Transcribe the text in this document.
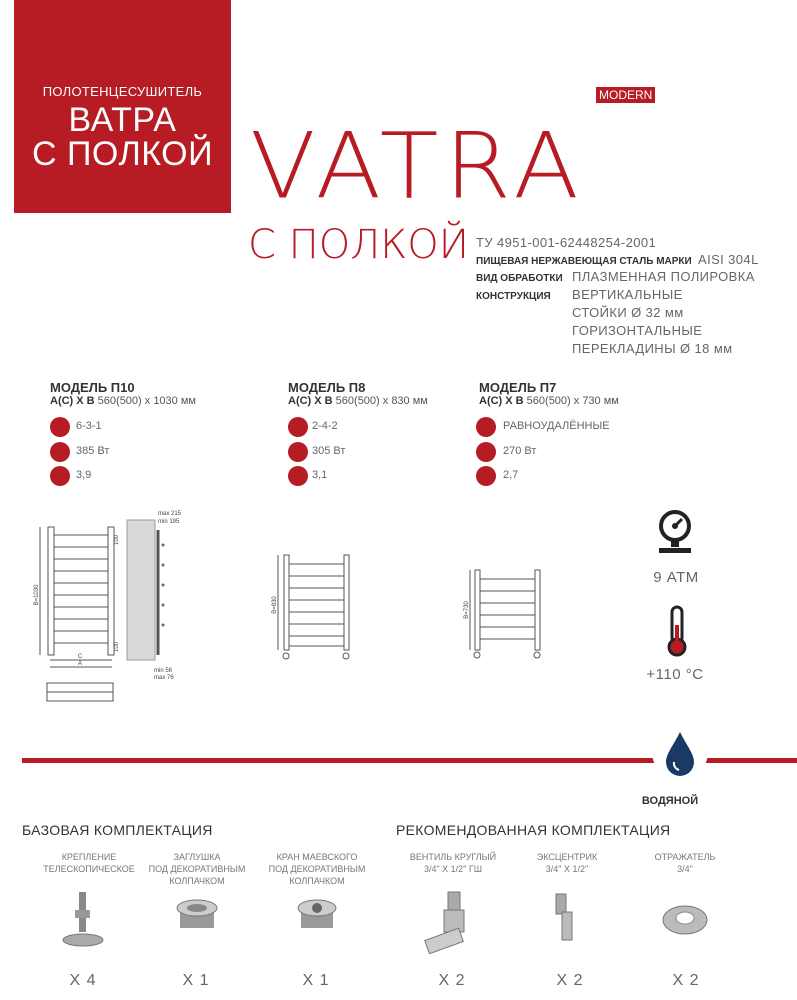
ПОЛОТЕНЦЕСУШИТЕЛЬ
ВАТРА
С ПОЛКОЙ
MODERN
VATRA
С ПОЛКОЙ ТУ 4951-001-62448254-2001
ПИЩЕВАЯ НЕРЖАВЕЮЩАЯ СТАЛЬ МАРКИ AISI 304L
ВИД ОБРАБОТКИ ПЛАЗМЕННАЯ ПОЛИРОВКА
КОНСТРУКЦИЯ ВЕРТИКАЛЬНЫЕ
СТОЙКИ Ø 32 мм
ГОРИЗОНТАЛЬНЫЕ
ПЕРЕКЛАДИНЫ Ø 18 мм
МОДЕЛЬ П10
А(С) Х В 560(500) х 1030 мм
6-3-1
385 Вт
3,9
МОДЕЛЬ П8
А(С) Х В 560(500) х 830 мм
2-4-2
305 Вт
3,1
МОДЕЛЬ П7
А(С) Х В 560(500) х 730 мм
РАВНОУДАЛЁННЫЕ
270 Вт
2,7
В=1030
100
100
С
А
max 215
min 195
min 56
max 76
В=830	В=730
9 АТМ
+110 °С
ВОДЯНОЙ
БАЗОВАЯ КОМПЛЕКТАЦИЯ	РЕКОМЕНДОВАННАЯ КОМПЛЕКТАЦИЯ
КРЕПЛЕНИЕ
ТЕЛЕСКОПИЧЕСКОЕ
Х 4
ЗАГЛУШКА
ПОД ДЕКОРАТИВНЫМ
КОЛПАЧКОМ
Х 1
КРАН МАЕВСКОГО
ПОД ДЕКОРАТИВНЫМ
КОЛПАЧКОМ
Х 1
ВЕНТИЛЬ КРУГЛЫЙ
3/4" Х 1/2" ГШ
Х 2
ЭКСЦЕНТРИК
3/4" Х 1/2"
Х 2
ОТРАЖАТЕЛЬ
3/4"
Х 2
